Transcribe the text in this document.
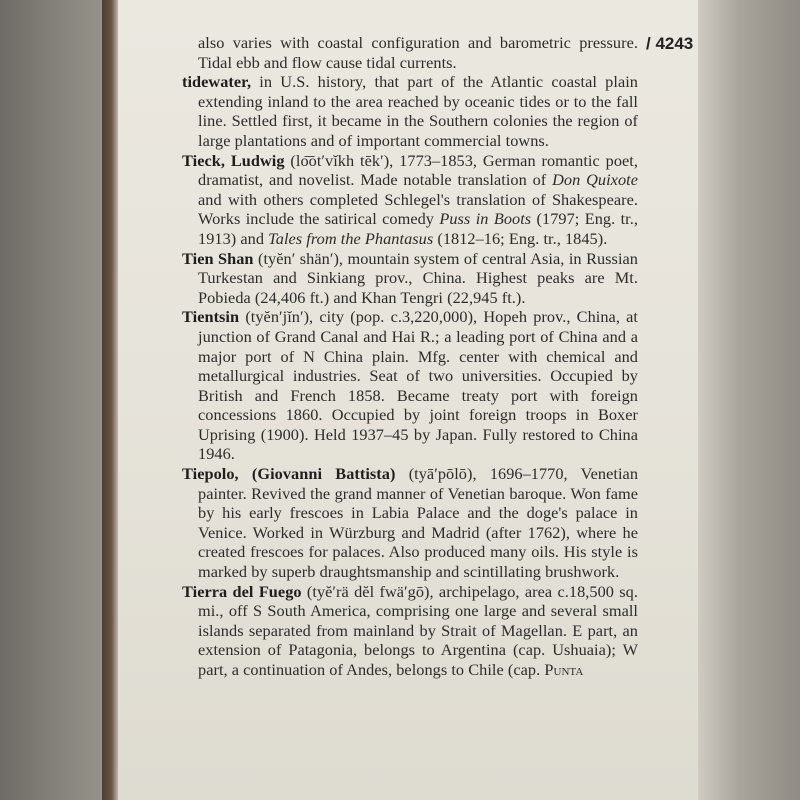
/ 4243

also varies with coastal configuration and barometric pressure. Tidal ebb and flow cause tidal currents.

tidewater, in U.S. history, that part of the Atlantic coastal plain extending inland to the area reached by oceanic tides or to the fall line. Settled first, it became in the Southern colonies the region of large plantations and of important commercial towns.

Tieck, Ludwig (lo͞ot′vĭkh tēk′), 1773–1853, German romantic poet, dramatist, and novelist. Made notable translation of Don Quixote and with others completed Schlegel's translation of Shakespeare. Works include the satirical comedy Puss in Boots (1797; Eng. tr., 1913) and Tales from the Phantasus (1812–16; Eng. tr., 1845).

Tien Shan (tyĕn′ shän′), mountain system of central Asia, in Russian Turkestan and Sinkiang prov., China. Highest peaks are Mt. Pobieda (24,406 ft.) and Khan Tengri (22,945 ft.).

Tientsin (tyĕn′jĭn′), city (pop. c.3,220,000), Hopeh prov., China, at junction of Grand Canal and Hai R.; a leading port of China and a major port of N China plain. Mfg. center with chemical and metallurgical industries. Seat of two universities. Occupied by British and French 1858. Became treaty port with foreign concessions 1860. Occupied by joint foreign troops in Boxer Uprising (1900). Held 1937–45 by Japan. Fully restored to China 1946.

Tiepolo, (Giovanni Battista) (tyā′pōlō), 1696–1770, Venetian painter. Revived the grand manner of Venetian baroque. Won fame by his early frescoes in Labia Palace and the doge's palace in Venice. Worked in Würzburg and Madrid (after 1762), where he created frescoes for palaces. Also produced many oils. His style is marked by superb draughtsmanship and scintillating brushwork.

Tierra del Fuego (tyĕ′rä dĕl fwä′gō), archipelago, area c.18,500 sq. mi., off S South America, comprising one large and several small islands separated from mainland by Strait of Magellan. E part, an extension of Patagonia, belongs to Argentina (cap. Ushuaia); W part, a continuation of Andes, belongs to Chile (cap. Punta
